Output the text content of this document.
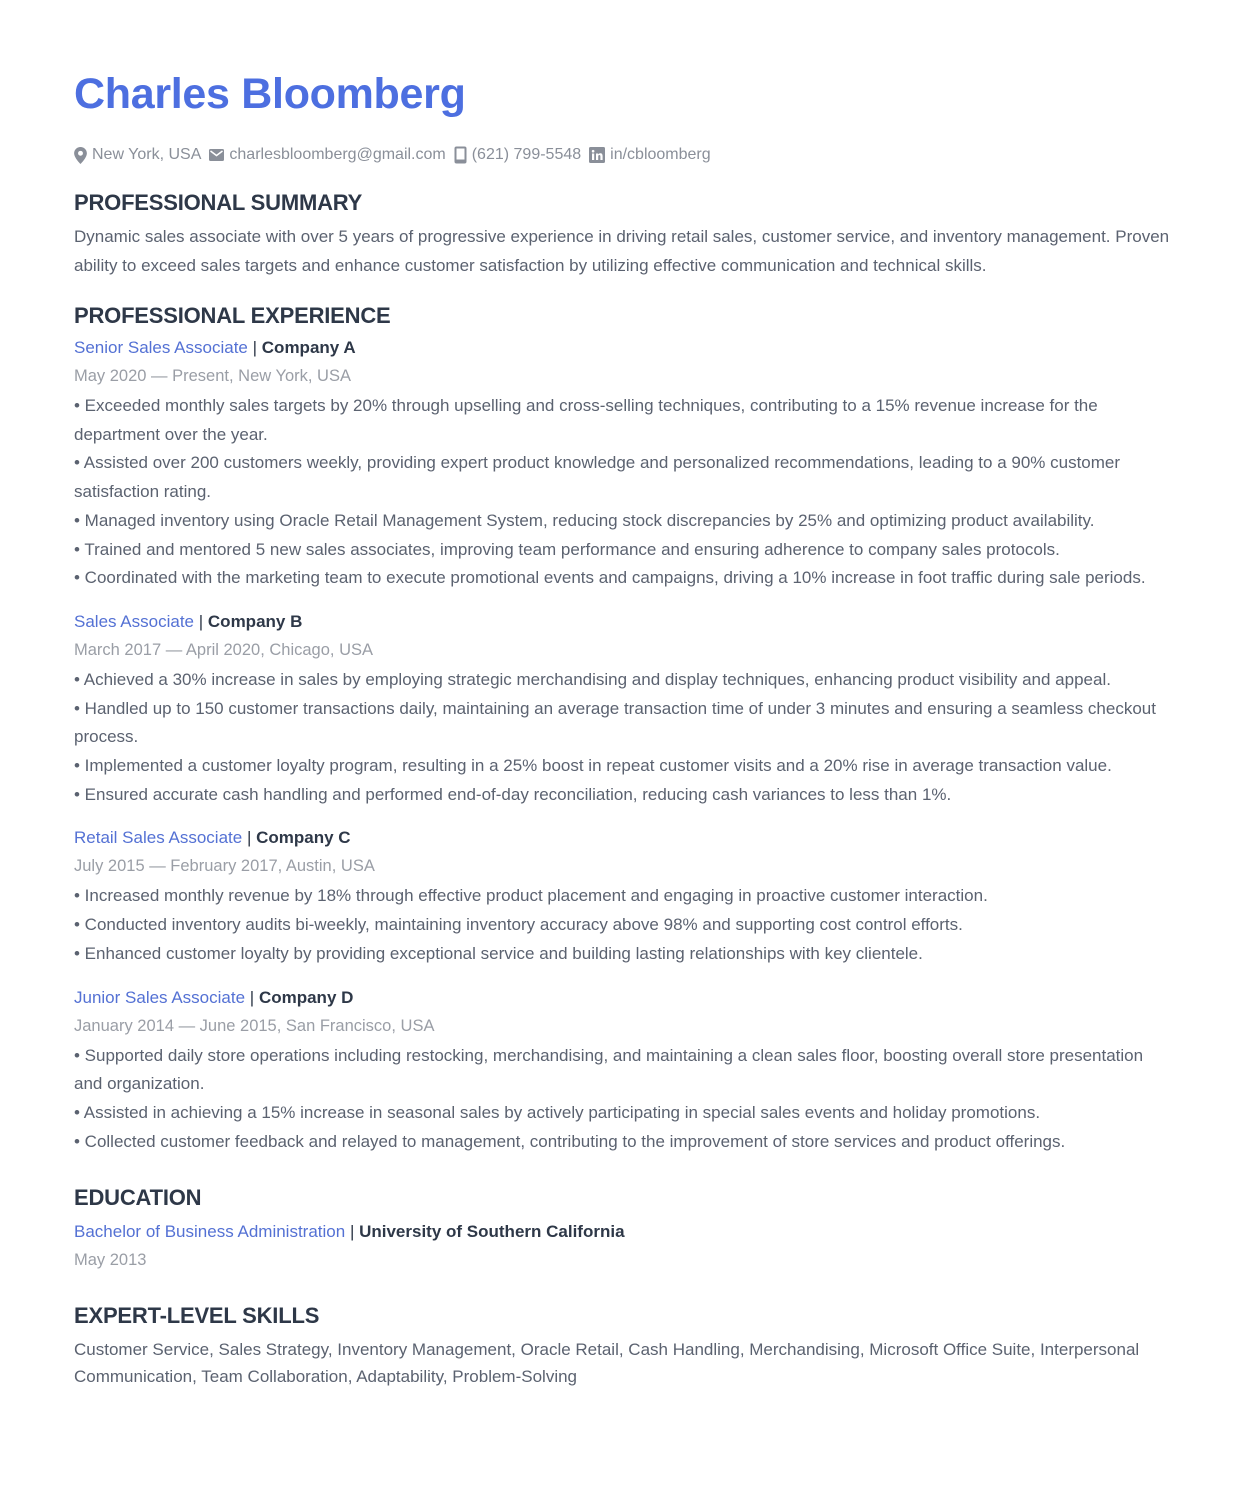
Charles Bloomberg
New York, USA charlesbloomberg@gmail.com (621) 799-5548 in/cbloomberg
PROFESSIONAL SUMMARY

Dynamic sales associate with over 5 years of progressive experience in driving retail sales, customer service, and inventory management. Proven ability to exceed sales targets and enhance customer satisfaction by utilizing effective communication and technical skills.

PROFESSIONAL EXPERIENCE
Senior Sales Associate | Company A
May 2020 — Present, New York, USA

• Exceeded monthly sales targets by 20% through upselling and cross-selling techniques, contributing to a 15% revenue increase for the department over the year.

• Assisted over 200 customers weekly, providing expert product knowledge and personalized recommendations, leading to a 90% customer satisfaction rating.

• Managed inventory using Oracle Retail Management System, reducing stock discrepancies by 25% and optimizing product availability.

• Trained and mentored 5 new sales associates, improving team performance and ensuring adherence to company sales protocols.

• Coordinated with the marketing team to execute promotional events and campaigns, driving a 10% increase in foot traffic during sale periods.

Sales Associate | Company B
March 2017 — April 2020, Chicago, USA

• Achieved a 30% increase in sales by employing strategic merchandising and display techniques, enhancing product visibility and appeal.

• Handled up to 150 customer transactions daily, maintaining an average transaction time of under 3 minutes and ensuring a seamless checkout process.

• Implemented a customer loyalty program, resulting in a 25% boost in repeat customer visits and a 20% rise in average transaction value.

• Ensured accurate cash handling and performed end-of-day reconciliation, reducing cash variances to less than 1%.

Retail Sales Associate | Company C
July 2015 — February 2017, Austin, USA

• Increased monthly revenue by 18% through effective product placement and engaging in proactive customer interaction.

• Conducted inventory audits bi-weekly, maintaining inventory accuracy above 98% and supporting cost control efforts.

• Enhanced customer loyalty by providing exceptional service and building lasting relationships with key clientele.

Junior Sales Associate | Company D
January 2014 — June 2015, San Francisco, USA

• Supported daily store operations including restocking, merchandising, and maintaining a clean sales floor, boosting overall store presentation and organization.

• Assisted in achieving a 15% increase in seasonal sales by actively participating in special sales events and holiday promotions.

• Collected customer feedback and relayed to management, contributing to the improvement of store services and product offerings.

EDUCATION
Bachelor of Business Administration | University of Southern California
May 2013
EXPERT-LEVEL SKILLS

Customer Service, Sales Strategy, Inventory Management, Oracle Retail, Cash Handling, Merchandising, Microsoft Office Suite, Interpersonal Communication, Team Collaboration, Adaptability, Problem-Solving
